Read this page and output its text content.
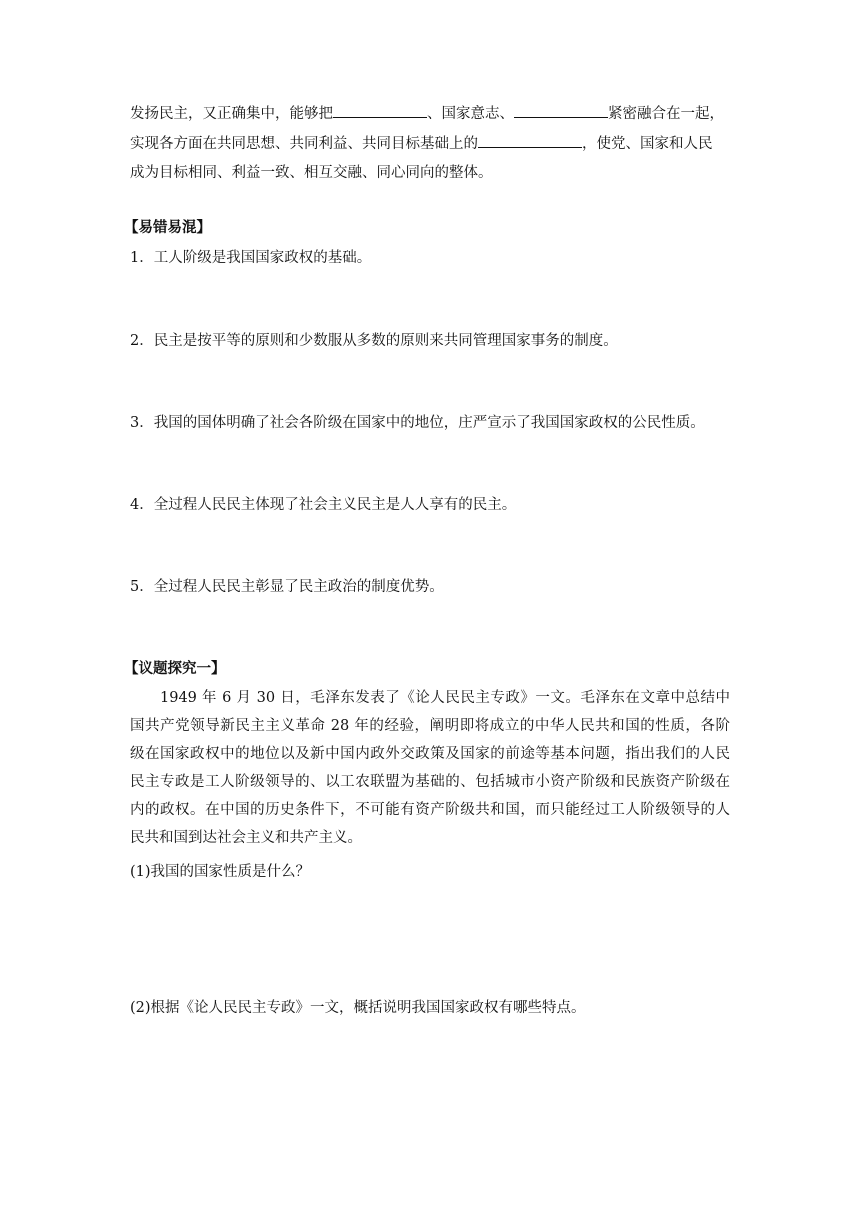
发扬民主，又正确集中，能够把	、国家意志、	紧密融合在一起，
实现各方面在共同思想、共同利益、共同目标基础上的	，使党、国家和人民
成为目标相同、利益一致、相互交融、同心同向的整体。
【易错易混】
1．工人阶级是我国国家政权的基础。
2．民主是按平等的原则和少数服从多数的原则来共同管理国家事务的制度。
3．我国的国体明确了社会各阶级在国家中的地位，庄严宣示了我国国家政权的公民性质。
4．全过程人民民主体现了社会主义民主是人人享有的民主。
5．全过程人民民主彰显了民主政治的制度优势。
【议题探究一】
1949 年 6 月 30 日，毛泽东发表了《论人民民主专政》一文。毛泽东在文章中总结中
国共产党领导新民主主义革命 28 年的经验，阐明即将成立的中华人民共和国的性质，各阶
级在国家政权中的地位以及新中国内政外交政策及国家的前途等基本问题，指出我们的人民
民主专政是工人阶级领导的、以工农联盟为基础的、包括城市小资产阶级和民族资产阶级在
内的政权。在中国的历史条件下，不可能有资产阶级共和国，而只能经过工人阶级领导的人
民共和国到达社会主义和共产主义。
(1)我国的国家性质是什么？
(2)根据《论人民民主专政》一文，概括说明我国国家政权有哪些特点。
